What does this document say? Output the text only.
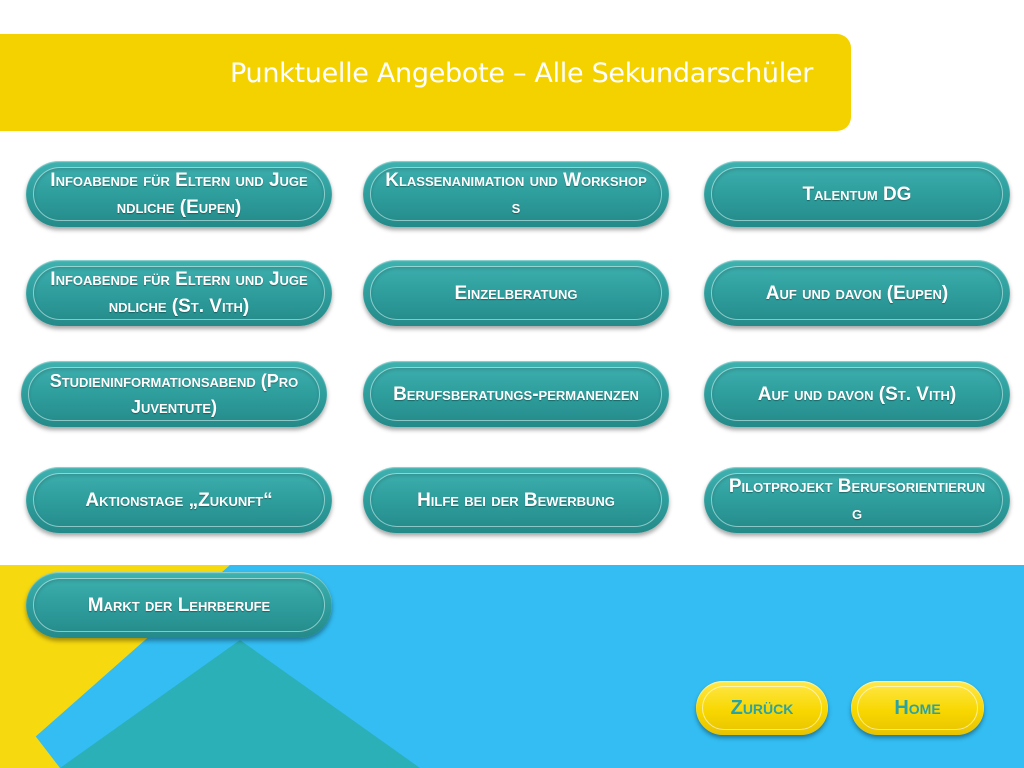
Punktuelle Angebote – Alle Sekundarschüler
Infoabende für Eltern und Jugendliche (Eupen)
Infoabende für Eltern und Jugendliche (St. Vith)
Studieninformationsabend (Pro Juventute)
Aktionstage „Zukunft“
Markt der Lehrberufe
Klassenanimation und Workshops
Einzelberatung
Berufsberatungs-permanenzen
Hilfe bei der Bewerbung
Talentum DG
Auf und davon (Eupen)
Auf und davon (St. Vith)
Pilotprojekt Berufsorientierung
Zurück	Home
